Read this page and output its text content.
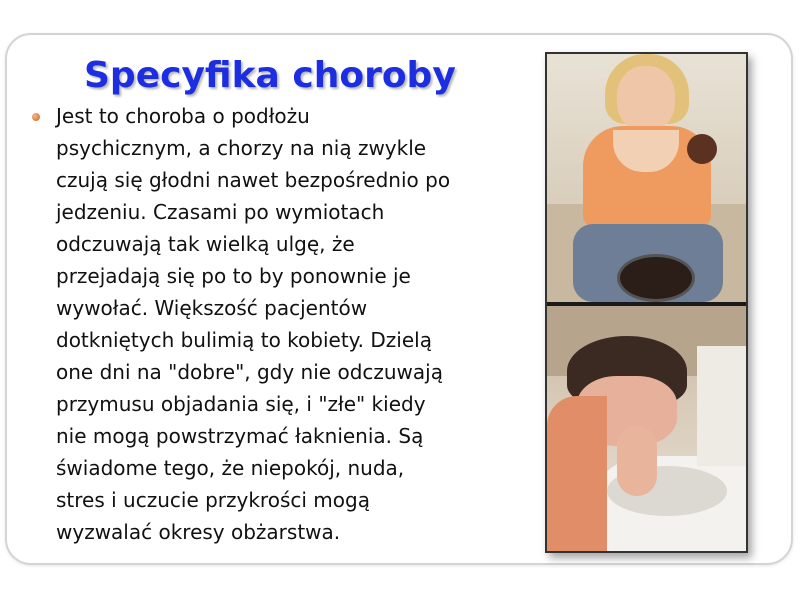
Specyfika choroby

Jest to choroba o podłożu
psychicznym, a chorzy na nią zwykle
czują się głodni nawet bezpośrednio po
jedzeniu. Czasami po wymiotach
odczuwają tak wielką ulgę, że
przejadają się po to by ponownie je
wywołać. Większość pacjentów
dotkniętych bulimią to kobiety. Dzielą
one dni na "dobre", gdy nie odczuwają
przymusu objadania się, i "złe" kiedy
nie mogą powstrzymać łaknienia. Są
świadome tego, że niepokój, nuda,
stres i uczucie przykrości mogą
wyzwalać okresy obżarstwa.
